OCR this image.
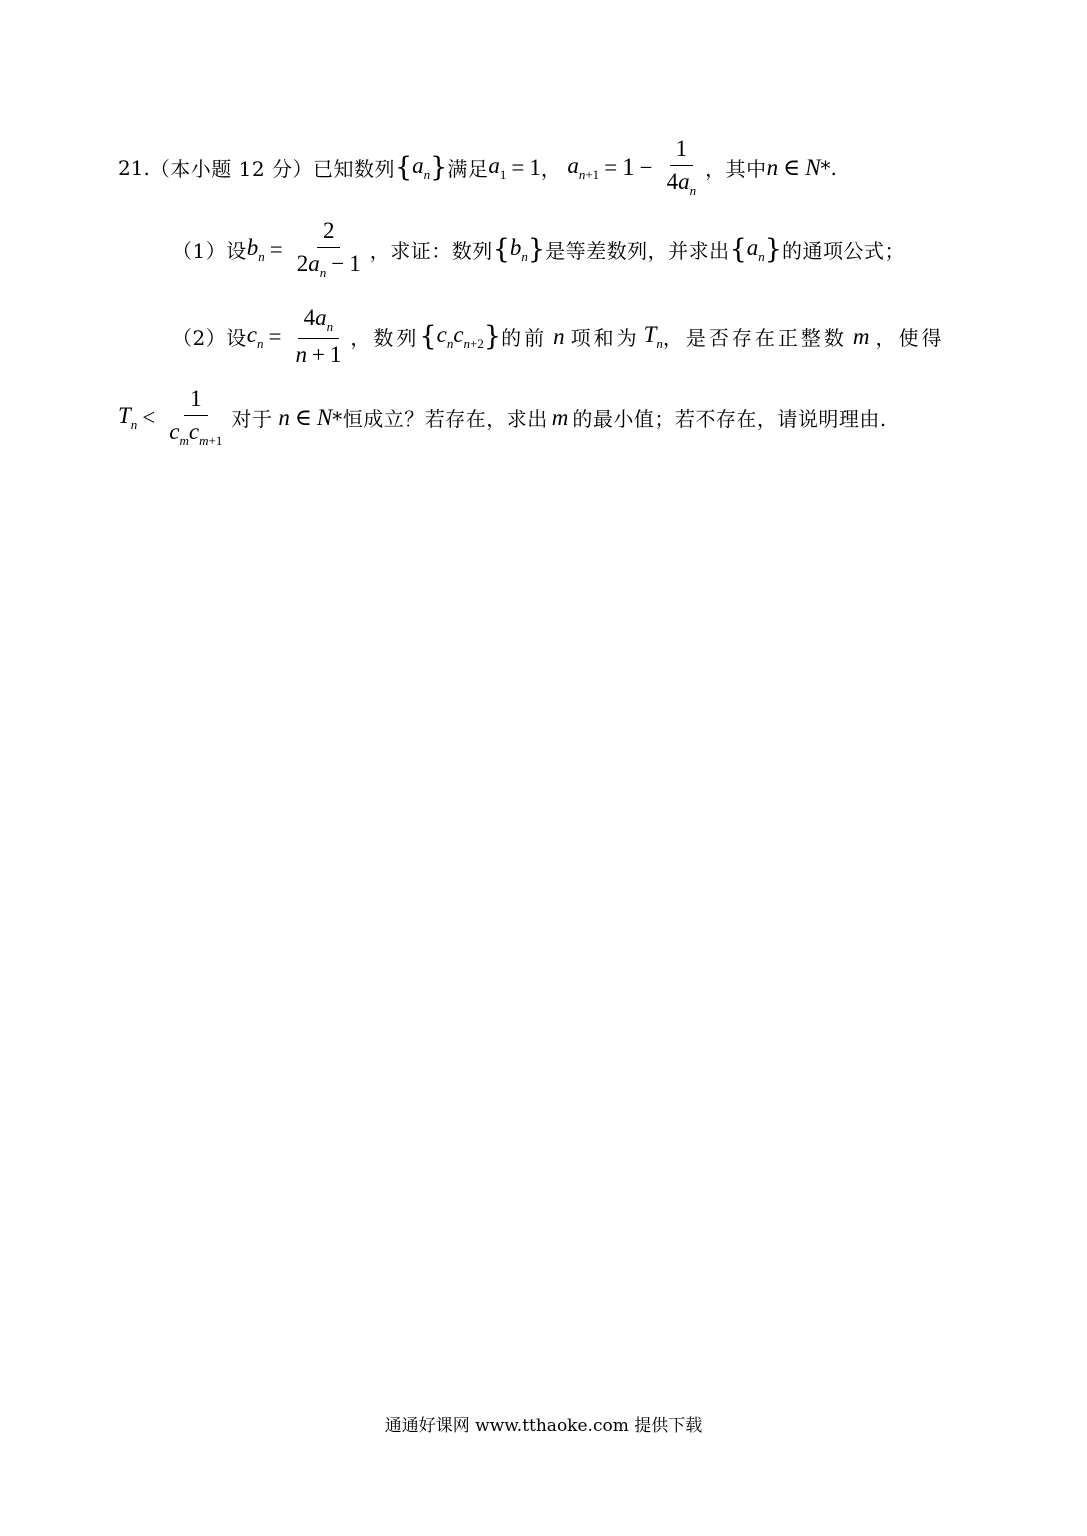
21. （本小题 12 分） 已知数列 { $a_n$ } 满足 $a_1 = 1$ ， $a_{n+1} = 1 - \frac{1}{4a_n}$ ，其中 n ∈ N *.
（1）设 $b_n = \frac{2}{2a_n - 1}$ ，求证：数列 { $b_n$ } 是等差数列，并求出 { $a_n$ } 的通项公式；
（2）设 $c_n = \frac{4a_n}{n + 1}$ ，数列 { $c_nc_{n+2}$ } 的前 n 项和为 $T_n$ ，是否存在正整数 m ，使得
$T_n < \frac{1}{c_mc_{m+1}}$ 对于 n ∈ N *恒成立？若存在，求出 m 的最小值；若不存在，请说明理由.
通通好课网 www.tthaoke.com 提供下载
